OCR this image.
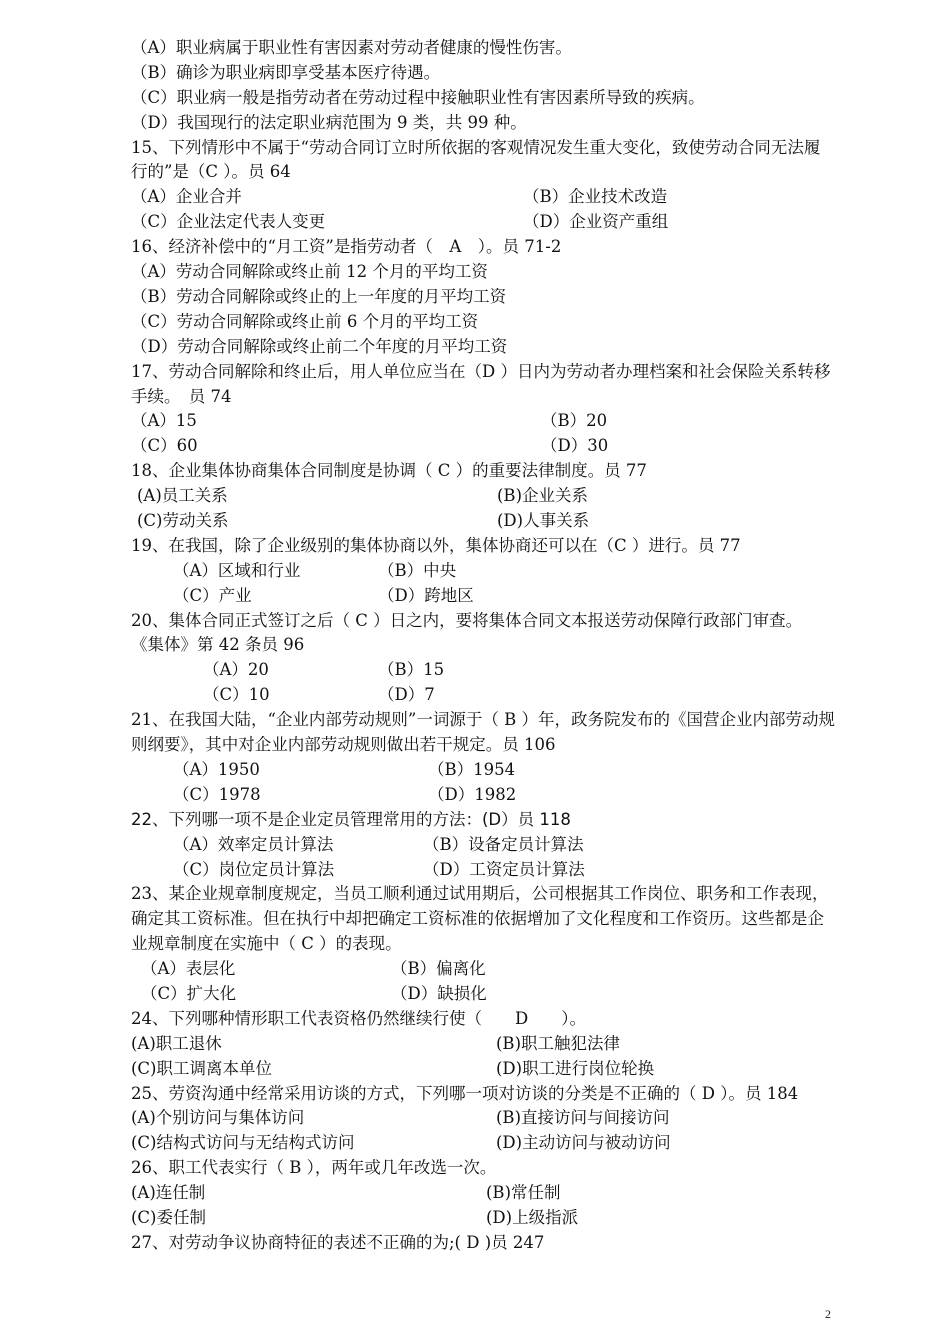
（A）职业病属于职业性有害因素对劳动者健康的慢性伤害。
（B）确诊为职业病即享受基本医疗待遇。
（C）职业病一般是指劳动者在劳动过程中接触职业性有害因素所导致的疾病。
（D）我国现行的法定职业病范围为 9 类，共 99 种。
15、下列情形中不属于“劳动合同订立时所依据的客观情况发生重大变化，致使劳动合同无法履行的”是（C ）。员 64
（A）企业合并	（B）企业技术改造
（C）企业法定代表人变更	（D）企业资产重组
16、经济补偿中的“月工资”是指劳动者（　A　）。员 71-2
（A）劳动合同解除或终止前 12 个月的平均工资
（B）劳动合同解除或终止的上一年度的月平均工资
（C）劳动合同解除或终止前 6 个月的平均工资
（D）劳动合同解除或终止前二个年度的月平均工资
17、劳动合同解除和终止后，用人单位应当在（D ）日内为劳动者办理档案和社会保险关系转移手续。　员 74
（A）15	（B）20
（C）60	（D）30
18、企业集体协商集体合同制度是协调（ C ）的重要法律制度。员 77
(A)员工关系	(B)企业关系
(C)劳动关系	(D)人事关系
19、在我国，除了企业级别的集体协商以外，集体协商还可以在（C ）进行。员 77
（A）区域和行业	（B）中央
（C）产业	（D）跨地区
20、集体合同正式签订之后（ C ）日之内，要将集体合同文本报送劳动保障行政部门审查。 《集体》第 42 条员 96
（A）20	（B）15
（C）10	（D）7
21、在我国大陆，“企业内部劳动规则”一词源于（ B ）年，政务院发布的《国营企业内部劳动规则纲要》，其中对企业内部劳动规则做出若干规定。员 106
（A）1950	（B）1954
（C）1978	（D）1982
22、下列哪一项不是企业定员管理常用的方法：(D）员 118
（A）效率定员计算法	（B）设备定员计算法
（C）岗位定员计算法	（D）工资定员计算法
23、某企业规章制度规定，当员工顺利通过试用期后，公司根据其工作岗位、职务和工作表现，确定其工资标准。但在执行中却把确定工资标准的依据增加了文化程度和工作资历。这些都是企业规章制度在实施中（ C ）的表现。
（A）表层化	（B）偏离化
（C）扩大化	（D）缺损化
24、下列哪种情形职工代表资格仍然继续行使（　　D　　）。
(A)职工退休	(B)职工触犯法律
(C)职工调离本单位	(D)职工进行岗位轮换
25、劳资沟通中经常采用访谈的方式，下列哪一项对访谈的分类是不正确的（ D ）。员 184
(A)个别访问与集体访问	(B)直接访问与间接访问
(C)结构式访问与无结构式访问	(D)主动访问与被动访问
26、职工代表实行（ B ），两年或几年改选一次。
(A)连任制	(B)常任制
(C)委任制	(D)上级指派
27、对劳动争议协商特征的表述不正确的为;( D )员 247
2
